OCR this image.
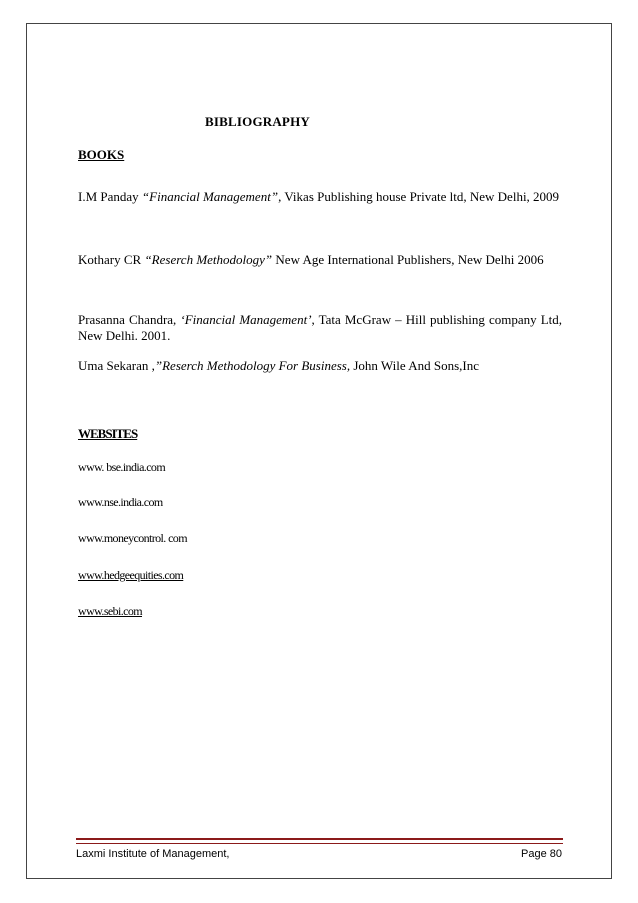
BIBLIOGRAPHY
BOOKS
I.M Panday “Financial Management”, Vikas Publishing house Private ltd, New Delhi, 2009
Kothary CR “Reserch Methodology” New Age International Publishers, New Delhi 2006
Prasanna Chandra, ‘Financial Management’, Tata McGraw – Hill publishing company Ltd, New Delhi. 2001.
Uma Sekaran ,”Reserch Methodology For Business, John Wile And Sons,Inc
WEBSITES
www. bse.india.com
www.nse.india.com
www.moneycontrol. com
www.hedgeequities.com
www.sebi.com
Laxmi Institute of Management,	Page 80
